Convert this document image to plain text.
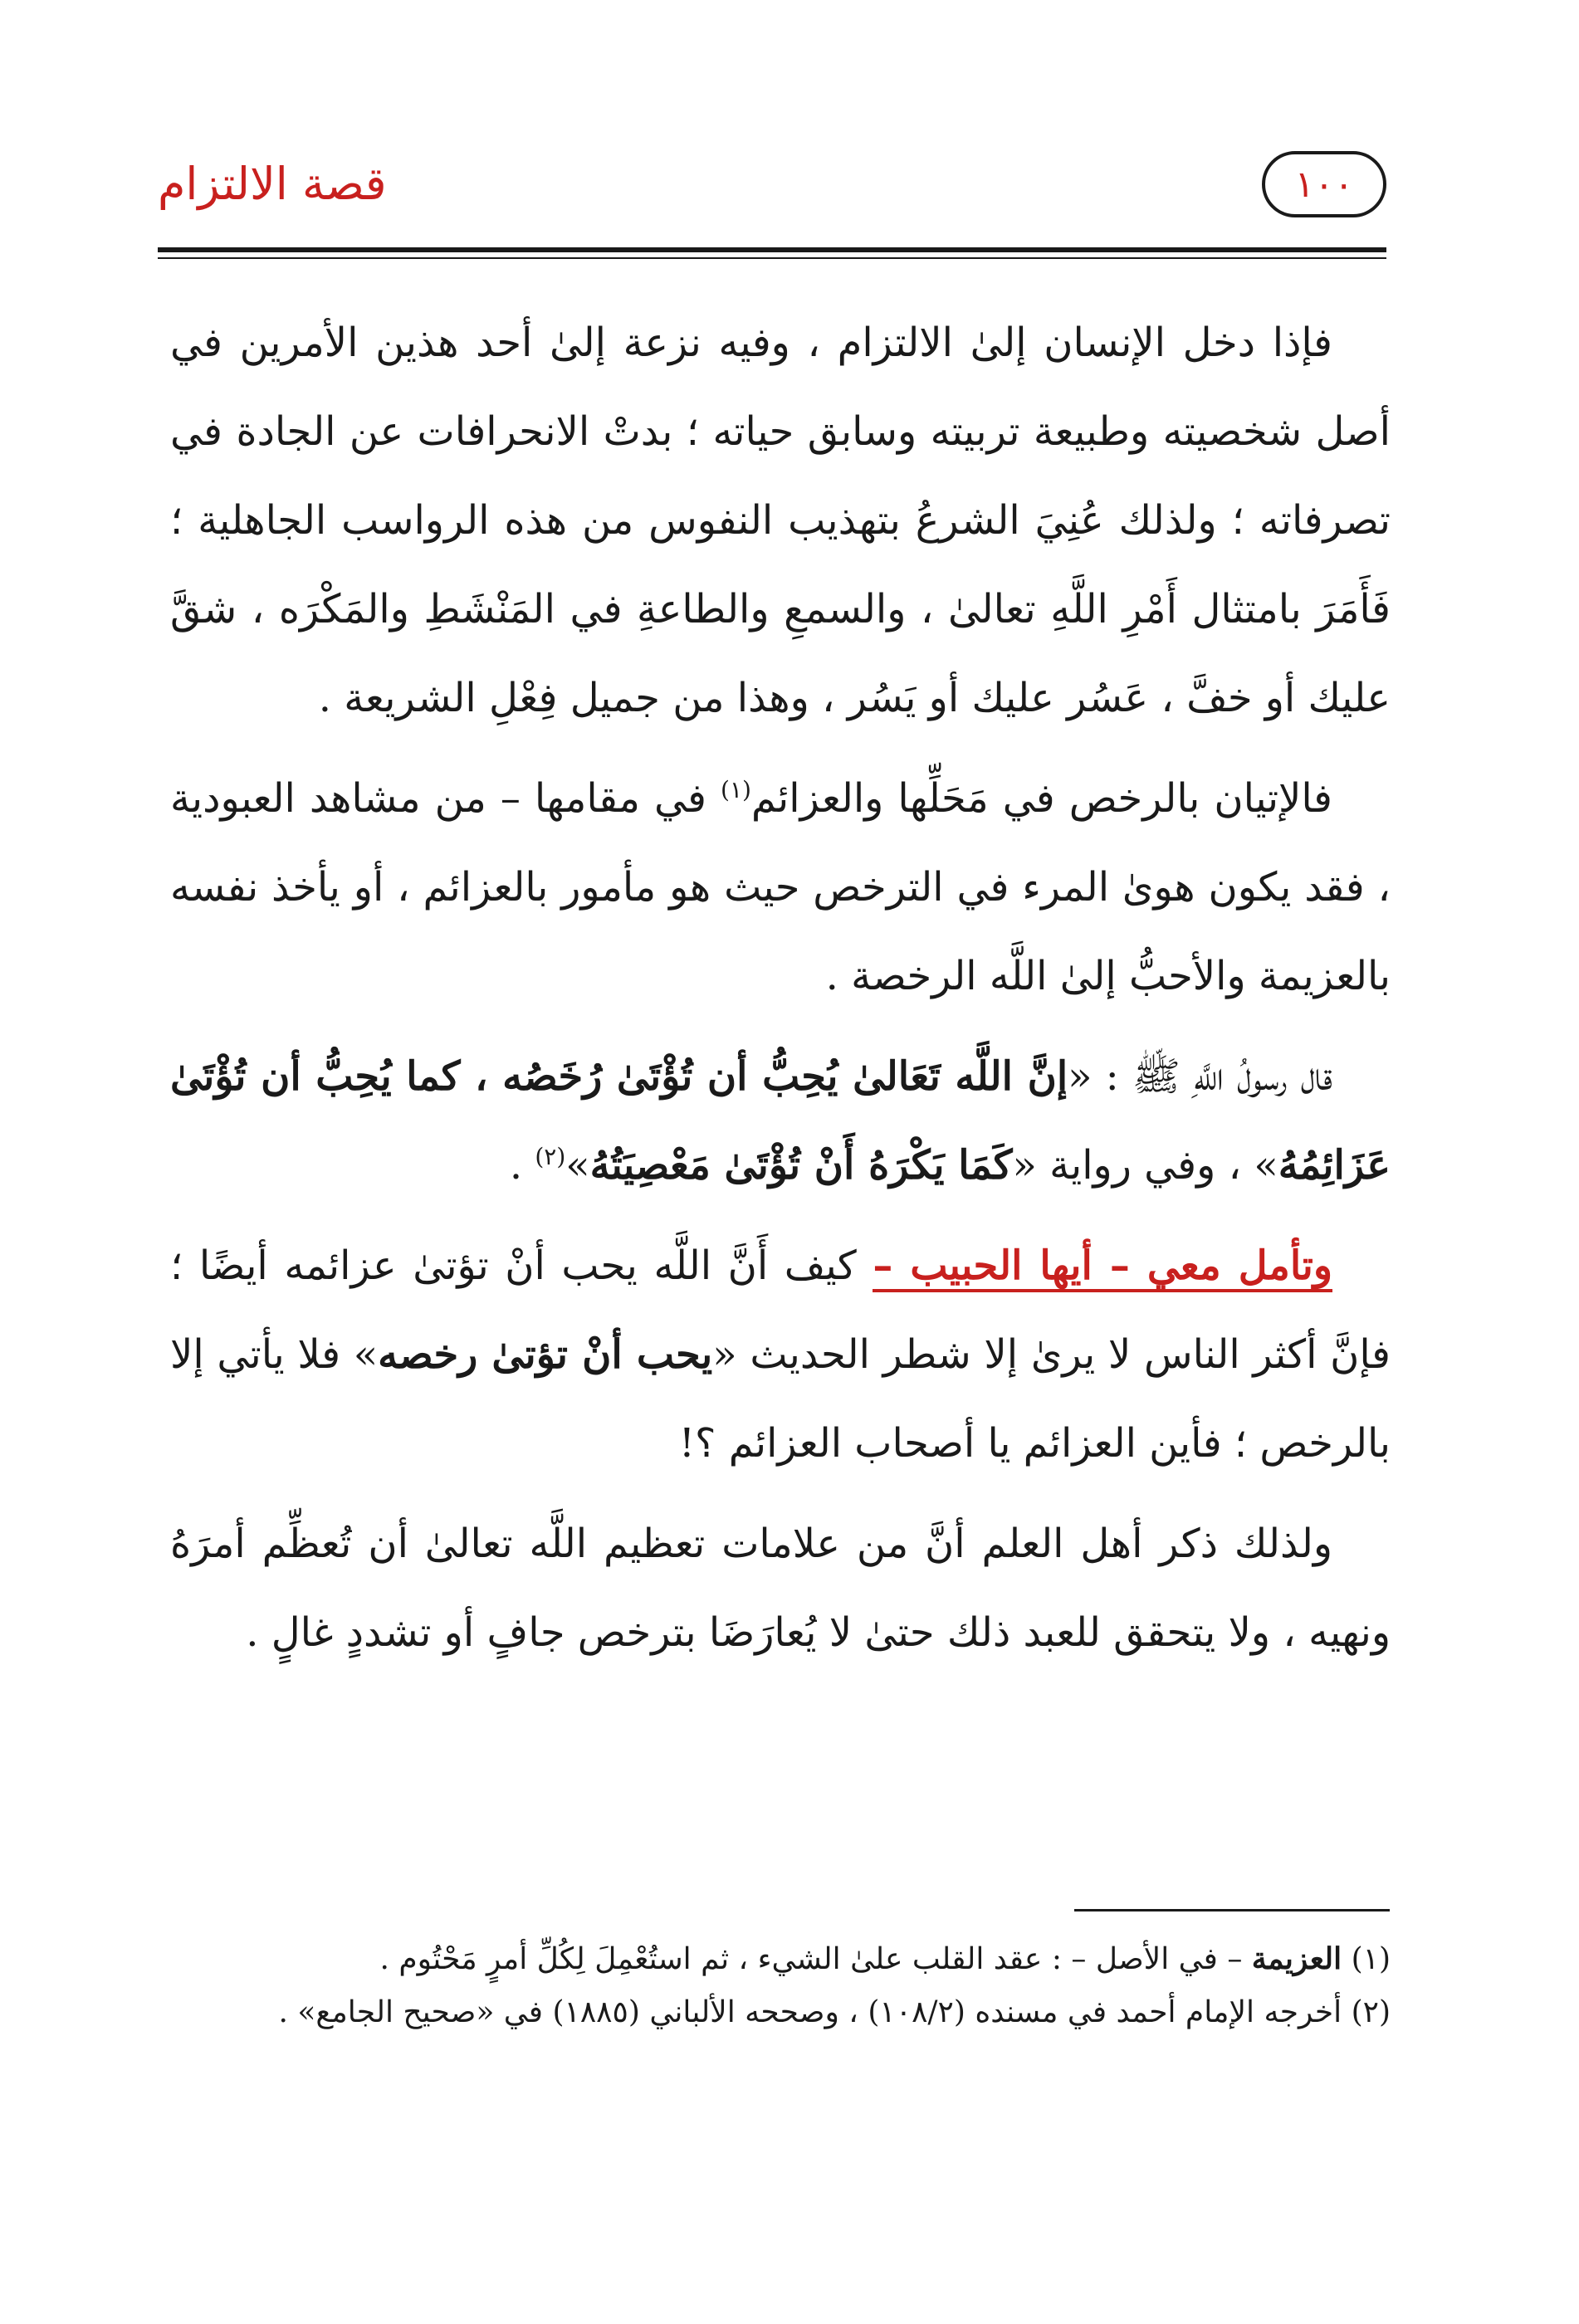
قصة الالتزام	١٠٠

فإذا دخل الإنسان إلىٰ الالتزام ، وفيه نزعة إلىٰ أحد هذين الأمرين في أصل شخصيته وطبيعة تربيته وسابق حياته ؛ بدتْ الانحرافات عن الجادة في تصرفاته ؛ ولذلك عُنِيَ الشرعُ بتهذيب النفوس من هذه الرواسب الجاهلية ؛ فَأَمَرَ بامتثال أَمْرِ اللَّهِ تعالىٰ ، والسمعِ والطاعةِ في المَنْشَطِ والمَكْرَه ، شقَّ عليك أو خفَّ ، عَسُر عليك أو يَسُر ، وهذا من جميل فِعْلِ الشريعة .

فالإتيان بالرخص في مَحَلِّها والعزائم$^{(١)}$ في مقامها – من مشاهد العبودية ، فقد يكون هوىٰ المرء في الترخص حيث هو مأمور بالعزائم ، أو يأخذ نفسه بالعزيمة والأحبُّ إلىٰ اللَّه الرخصة .

قال رسولُ اللَّهِ ﷺ : «إنَّ اللَّه تَعَالىٰ يُحِبُّ أن تُؤْتَىٰ رُخَصُه ، كما يُحِبُّ أن تُؤْتَىٰ عَزَائِمُهُ» ، وفي رواية «كَمَا يَكْرَهُ أَنْ تُؤْتَىٰ مَعْصِيَتُهُ»$^{(٢)}$ .

وتأمل معي – أيها الحبيب – كيف أَنَّ اللَّه يحب أنْ تؤتىٰ عزائمه أيضًا ؛ فإنَّ أكثر الناس لا يرىٰ إلا شطر الحديث «يحب أنْ تؤتىٰ رخصه» فلا يأتي إلا بالرخص ؛ فأين العزائم يا أصحاب العزائم ؟!

ولذلك ذكر أهل العلم أنَّ من علامات تعظيم اللَّه تعالىٰ أن تُعظِّم أمرَهُ ونهيه ، ولا يتحقق للعبد ذلك حتىٰ لا يُعارَضَا بترخص جافٍ أو تشددٍ غالٍ .

(١) العزيمة – في الأصل – : عقد القلب علىٰ الشيء ، ثم استُعْمِلَ لِكُلِّ أمرٍ مَحْتُوم .

(٢) أخرجه الإمام أحمد في مسنده (١٠٨/٢) ، وصححه الألباني (١٨٨٥) في «صحيح الجامع» .
